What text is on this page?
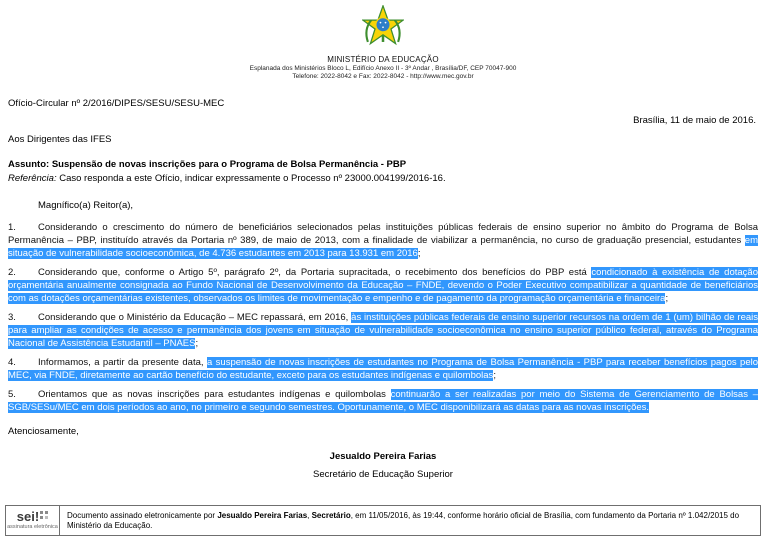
MINISTÉRIO DA EDUCAÇÃO
Esplanada dos Ministérios Bloco L, Edifício Anexo II - 3º Andar , Brasília/DF, CEP 70047-900
Telefone: 2022-8042 e Fax: 2022-8042 - http://www.mec.gov.br
Ofício-Circular nº 2/2016/DIPES/SESU/SESU-MEC
Brasília, 11 de maio de 2016.
Aos Dirigentes das IFES
Assunto: Suspensão de novas inscrições para o Programa de Bolsa Permanência - PBP
Referência: Caso responda a este Ofício, indicar expressamente o Processo nº 23000.004199/2016-16.
Magnífico(a) Reitor(a),
1. Considerando o crescimento do número de beneficiários selecionados pelas instituições públicas federais de ensino superior no âmbito do Programa de Bolsa Permanência – PBP, instituído através da Portaria nº 389, de maio de 2013, com a finalidade de viabilizar a permanência, no curso de graduação presencial, estudantes em situação de vulnerabilidade socioeconômica, de 4.736 estudantes em 2013 para 13.931 em 2016;
2. Considerando que, conforme o Artigo 5º, parágrafo 2º, da Portaria supracitada, o recebimento dos benefícios do PBP está condicionado à existência de dotação orçamentária anualmente consignada ao Fundo Nacional de Desenvolvimento da Educação – FNDE, devendo o Poder Executivo compatibilizar a quantidade de beneficiários com as dotações orçamentárias existentes, observados os limites de movimentação e empenho e de pagamento da programação orçamentária e financeira;
3. Considerando que o Ministério da Educação – MEC repassará, em 2016, às instituições públicas federais de ensino superior recursos na ordem de 1 (um) bilhão de reais para ampliar as condições de acesso e permanência dos jovens em situação de vulnerabilidade socioeconômica no ensino superior público federal, através do Programa Nacional de Assistência Estudantil – PNAES;
4. Informamos, a partir da presente data, a suspensão de novas inscrições de estudantes no Programa de Bolsa Permanência - PBP para receber benefícios pagos pelo MEC, via FNDE, diretamente ao cartão benefício do estudante, exceto para os estudantes indígenas e quilombolas;
5. Orientamos que as novas inscrições para estudantes indígenas e quilombolas continuarão a ser realizadas por meio do Sistema de Gerenciamento de Bolsas – SGB/SESu/MEC em dois períodos ao ano, no primeiro e segundo semestres. Oportunamente, o MEC disponibilizará as datas para as novas inscrições.
Atenciosamente,
Jesualdo Pereira Farias
Secretário de Educação Superior
sei!
assinatura eletrônica
Documento assinado eletronicamente por Jesualdo Pereira Farias, Secretário, em 11/05/2016, às 19:44, conforme horário oficial de Brasília, com fundamento da Portaria nº 1.042/2015 do Ministério da Educação.
